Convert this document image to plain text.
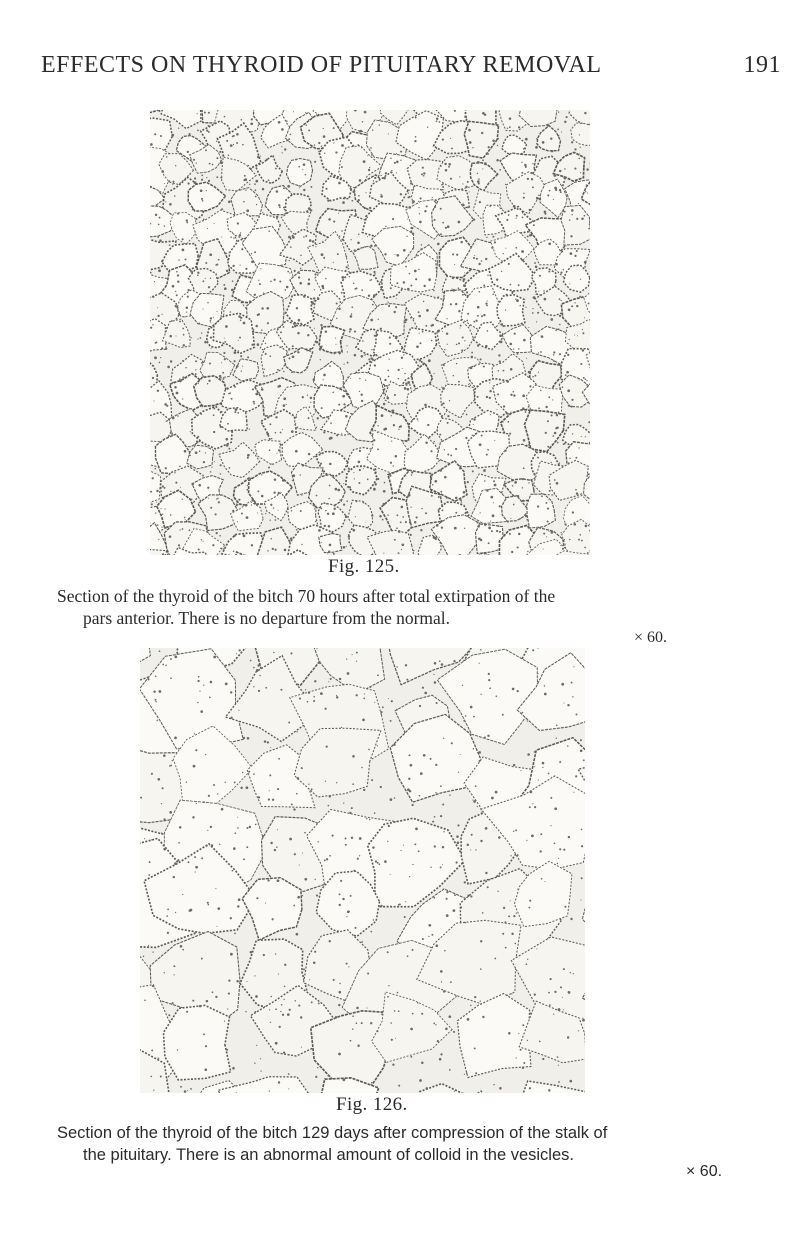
EFFECTS ON THYROID OF PITUITARY REMOVAL	191
Fig. 125.

Section of the thyroid of the bitch 70 hours after total extirpation of the

pars anterior. There is no departure from the normal.

× 60.
Fig. 126.

Section of the thyroid of the bitch 129 days after compression of the stalk of

the pituitary. There is an abnormal amount of colloid in the vesicles.

× 60.
